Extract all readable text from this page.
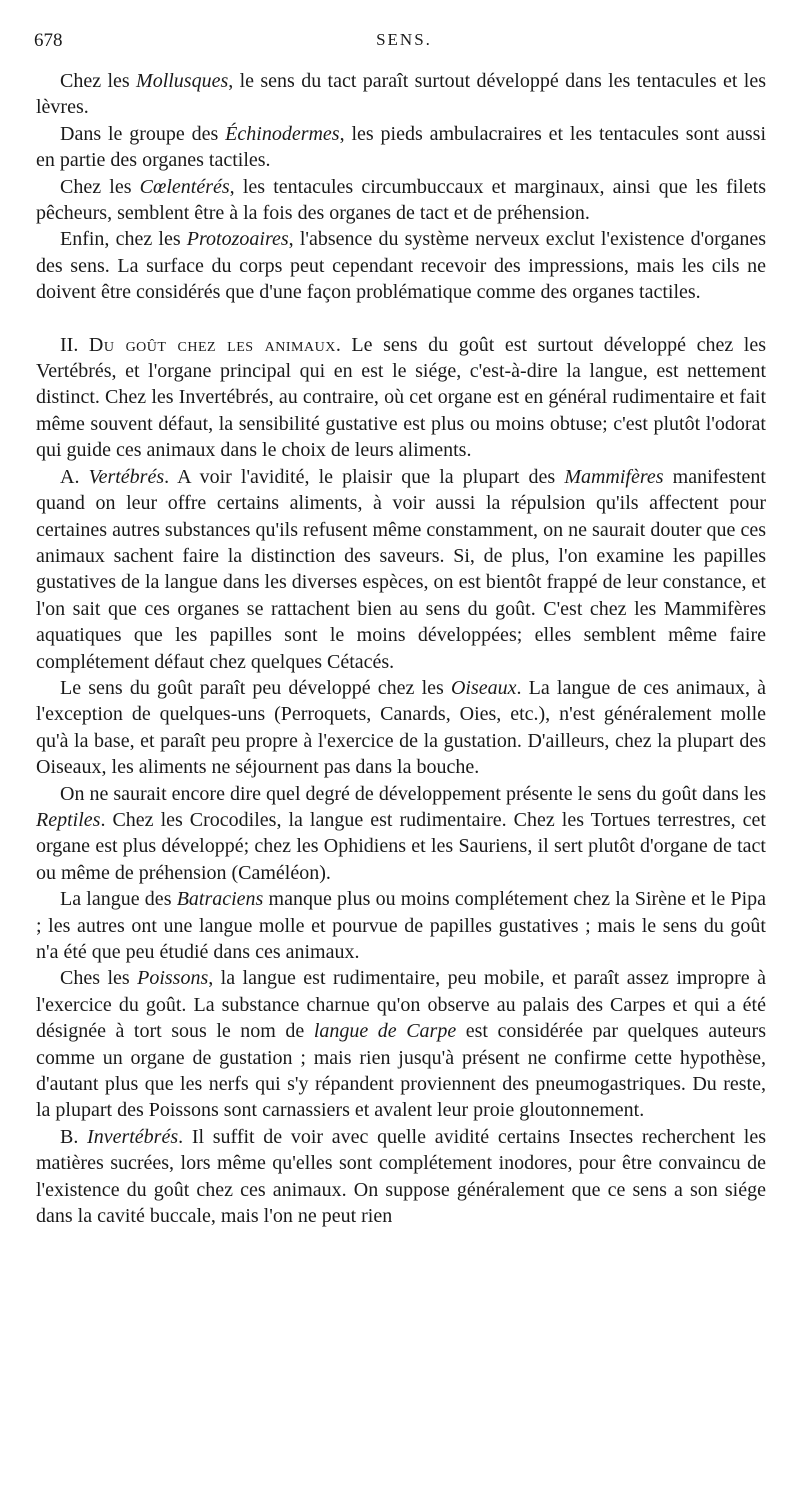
678	SENS.

Chez les Mollusques, le sens du tact paraît surtout développé dans les tentacules et les lèvres.

Dans le groupe des Échinodermes, les pieds ambulacraires et les tentacules sont aussi en partie des organes tactiles.

Chez les Cœlentérés, les tentacules circumbuccaux et marginaux, ainsi que les filets pêcheurs, semblent être à la fois des organes de tact et de préhension.

Enfin, chez les Protozoaires, l'absence du système nerveux exclut l'existence d'organes des sens. La surface du corps peut cependant recevoir des impressions, mais les cils ne doivent être considérés que d'une façon problématique comme des organes tactiles.

II. Du goût chez les animaux. Le sens du goût est surtout développé chez les Vertébrés, et l'organe principal qui en est le siége, c'est-à-dire la langue, est nettement distinct. Chez les Invertébrés, au contraire, où cet organe est en général rudimentaire et fait même souvent défaut, la sensibilité gustative est plus ou moins obtuse; c'est plutôt l'odorat qui guide ces animaux dans le choix de leurs aliments.

A. Vertébrés. A voir l'avidité, le plaisir que la plupart des Mammifères manifestent quand on leur offre certains aliments, à voir aussi la répulsion qu'ils affectent pour certaines autres substances qu'ils refusent même constamment, on ne saurait douter que ces animaux sachent faire la distinction des saveurs. Si, de plus, l'on examine les papilles gustatives de la langue dans les diverses espèces, on est bientôt frappé de leur constance, et l'on sait que ces organes se rattachent bien au sens du goût. C'est chez les Mammifères aquatiques que les papilles sont le moins développées; elles semblent même faire complétement défaut chez quelques Cétacés.

Le sens du goût paraît peu développé chez les Oiseaux. La langue de ces animaux, à l'exception de quelques-uns (Perroquets, Canards, Oies, etc.), n'est généralement molle qu'à la base, et paraît peu propre à l'exercice de la gustation. D'ailleurs, chez la plupart des Oiseaux, les aliments ne séjournent pas dans la bouche.

On ne saurait encore dire quel degré de développement présente le sens du goût dans les Reptiles. Chez les Crocodiles, la langue est rudimentaire. Chez les Tortues terrestres, cet organe est plus développé; chez les Ophidiens et les Sauriens, il sert plutôt d'organe de tact ou même de préhension (Caméléon).

La langue des Batraciens manque plus ou moins complétement chez la Sirène et le Pipa ; les autres ont une langue molle et pourvue de papilles gustatives ; mais le sens du goût n'a été que peu étudié dans ces animaux.

Ches les Poissons, la langue est rudimentaire, peu mobile, et paraît assez impropre à l'exercice du goût. La substance charnue qu'on observe au palais des Carpes et qui a été désignée à tort sous le nom de langue de Carpe est considérée par quelques auteurs comme un organe de gustation ; mais rien jusqu'à présent ne confirme cette hypothèse, d'autant plus que les nerfs qui s'y répandent proviennent des pneumogastriques. Du reste, la plupart des Poissons sont carnassiers et avalent leur proie gloutonnement.

B. Invertébrés. Il suffit de voir avec quelle avidité certains Insectes recherchent les matières sucrées, lors même qu'elles sont complétement inodores, pour être convaincu de l'existence du goût chez ces animaux. On suppose généralement que ce sens a son siége dans la cavité buccale, mais l'on ne peut rien
